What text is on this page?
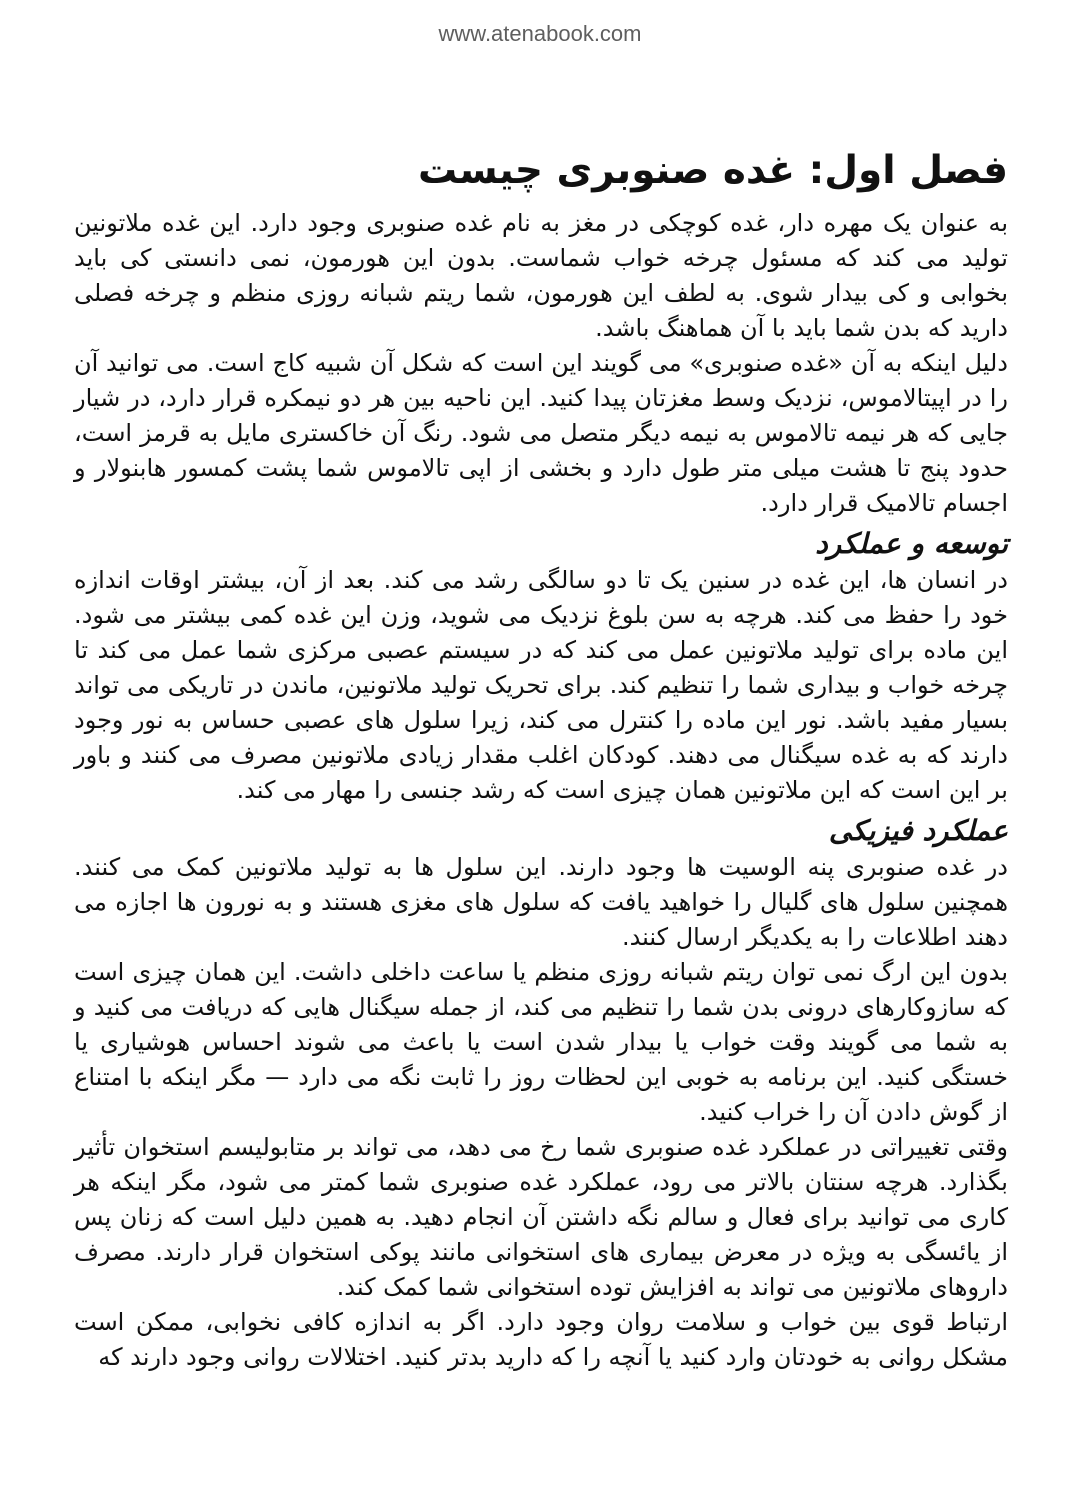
www.atenabook.com
فصل اول: غده صنوبری چیست

به عنوان یک مهره دار، غده کوچکی در مغز به نام غده صنوبری وجود دارد. این غده ملاتونین تولید می کند که مسئول چرخه خواب شماست. بدون این هورمون، نمی دانستی کی باید بخوابی و کی بیدار شوی. به لطف این هورمون، شما ریتم شبانه روزی منظم و چرخه فصلی دارید که بدن شما باید با آن هماهنگ باشد.

دلیل اینکه به آن «غده صنوبری» می گویند این است که شکل آن شبیه کاج است. می توانید آن را در اپیتالاموس، نزدیک وسط مغزتان پیدا کنید. این ناحیه بین هر دو نیمکره قرار دارد، در شیار جایی که هر نیمه تالاموس به نیمه دیگر متصل می شود. رنگ آن خاکستری مایل به قرمز است، حدود پنج تا هشت میلی متر طول دارد و بخشی از اپی تالاموس شما پشت کمسور هابنولار و اجسام تالامیک قرار دارد.

توسعه و عملکرد

در انسان ها، این غده در سنین یک تا دو سالگی رشد می کند. بعد از آن، بیشتر اوقات اندازه خود را حفظ می کند. هرچه به سن بلوغ نزدیک می شوید، وزن این غده کمی بیشتر می شود. این ماده برای تولید ملاتونین عمل می کند که در سیستم عصبی مرکزی شما عمل می کند تا چرخه خواب و بیداری شما را تنظیم کند. برای تحریک تولید ملاتونین، ماندن در تاریکی می تواند بسیار مفید باشد. نور این ماده را کنترل می کند، زیرا سلول های عصبی حساس به نور وجود دارند که به غده سیگنال می دهند. کودکان اغلب مقدار زیادی ملاتونین مصرف می کنند و باور بر این است که این ملاتونین همان چیزی است که رشد جنسی را مهار می کند.

عملکرد فیزیکی

در غده صنوبری پنه الوسیت ها وجود دارند. این سلول ها به تولید ملاتونین کمک می کنند. همچنین سلول های گلیال را خواهید یافت که سلول های مغزی هستند و به نورون ها اجازه می دهند اطلاعات را به یکدیگر ارسال کنند.

بدون این ارگ نمی توان ریتم شبانه روزی منظم یا ساعت داخلی داشت. این همان چیزی است که سازوکارهای درونی بدن شما را تنظیم می کند، از جمله سیگنال هایی که دریافت می کنید و به شما می گویند وقت خواب یا بیدار شدن است یا باعث می شوند احساس هوشیاری یا خستگی کنید. این برنامه به خوبی این لحظات روز را ثابت نگه می دارد — مگر اینکه با امتناع از گوش دادن آن را خراب کنید.

وقتی تغییراتی در عملکرد غده صنوبری شما رخ می دهد، می تواند بر متابولیسم استخوان تأثیر بگذارد. هرچه سنتان بالاتر می رود، عملکرد غده صنوبری شما کمتر می شود، مگر اینکه هر کاری می توانید برای فعال و سالم نگه داشتن آن انجام دهید. به همین دلیل است که زنان پس از یائسگی به ویژه در معرض بیماری های استخوانی مانند پوکی استخوان قرار دارند. مصرف داروهای ملاتونین می تواند به افزایش توده استخوانی شما کمک کند.

ارتباط قوی بین خواب و سلامت روان وجود دارد. اگر به اندازه کافی نخوابی، ممکن است مشکل روانی به خودتان وارد کنید یا آنچه را که دارید بدتر کنید. اختلالات روانی وجود دارند که
